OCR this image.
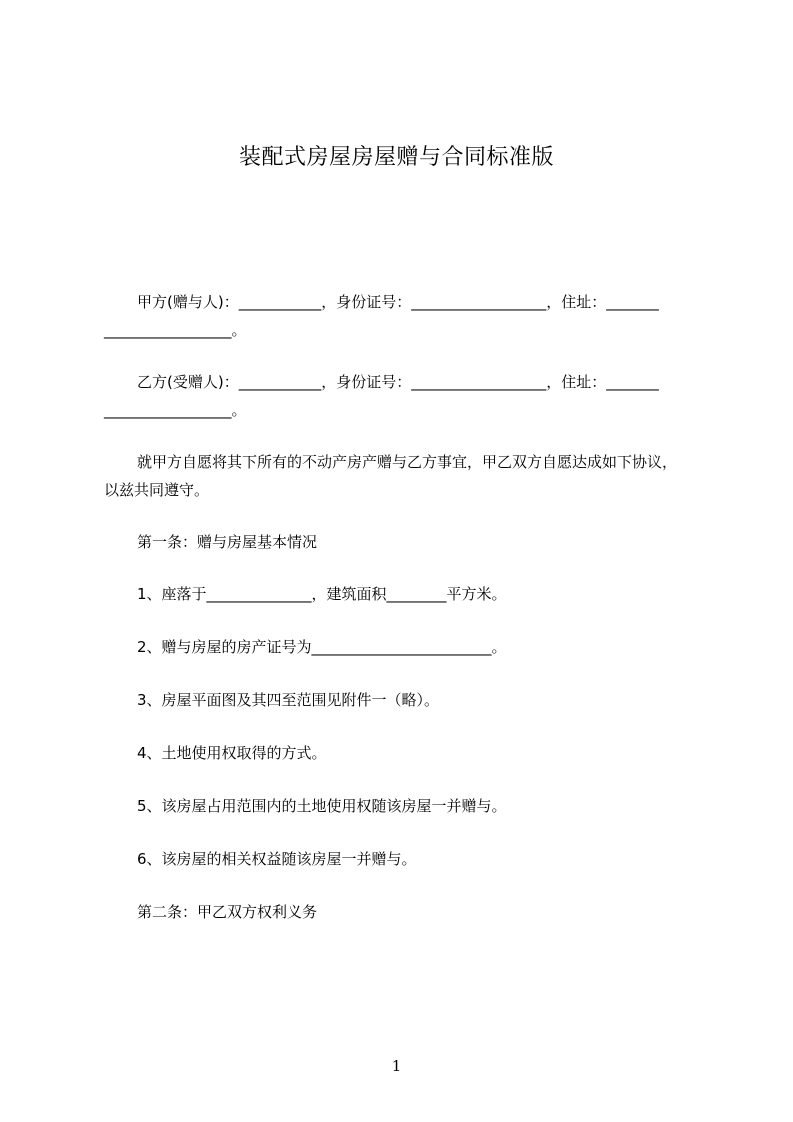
装配式房屋房屋赠与合同标准版
甲方(赠与人)：___________，身份证号：__________________，住址：_______
_________________。
乙方(受赠人)：___________，身份证号：__________________，住址：_______
_________________。
就甲方自愿将其下所有的不动产房产赠与乙方事宜，甲乙双方自愿达成如下协议，
以兹共同遵守。
第一条：赠与房屋基本情况
1、座落于______________，建筑面积________平方米。
2、赠与房屋的房产证号为________________________。
3、房屋平面图及其四至范围见附件一（略）。
4、土地使用权取得的方式。
5、该房屋占用范围内的土地使用权随该房屋一并赠与。
6、该房屋的相关权益随该房屋一并赠与。
第二条：甲乙双方权利义务
1
